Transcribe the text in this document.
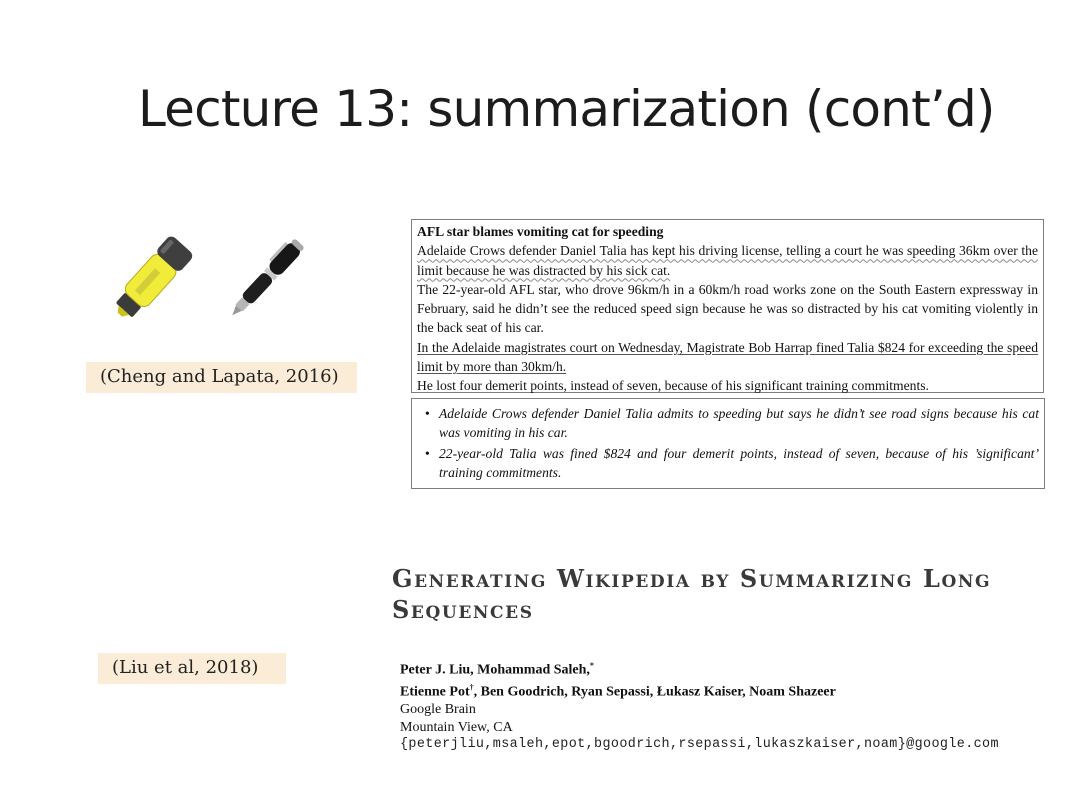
Lecture 13: summarization (cont’d)
(Cheng and Lapata, 2016)

AFL star blames vomiting cat for speeding

Adelaide Crows defender Daniel Talia has kept his driving license, telling a court he was speeding 36km over the limit because he was distracted by his sick cat.

The 22-year-old AFL star, who drove 96km/h in a 60km/h road works zone on the South Eastern expressway in February, said he didn’t see the reduced speed sign because he was so distracted by his cat vomiting violently in the back seat of his car.

In the Adelaide magistrates court on Wednesday, Magistrate Bob Harrap fined Talia $824 for exceeding the speed limit by more than 30km/h.

He lost four demerit points, instead of seven, because of his significant training commitments.

• Adelaide Crows defender Daniel Talia admits to speeding but says he didn’t see road signs because his cat was vomiting in his car.
• 22-year-old Talia was fined $824 and four demerit points, instead of seven, because of his ’significant’ training commitments.
Generating Wikipedia by Summarizing Long Sequences
(Liu et al, 2018)	Peter J. Liu, Mohammad Saleh,*
Etienne Pot†, Ben Goodrich, Ryan Sepassi, Łukasz Kaiser, Noam Shazeer
Google Brain
Mountain View, CA
{peterjliu,msaleh,epot,bgoodrich,rsepassi,lukaszkaiser,noam}@google.com
